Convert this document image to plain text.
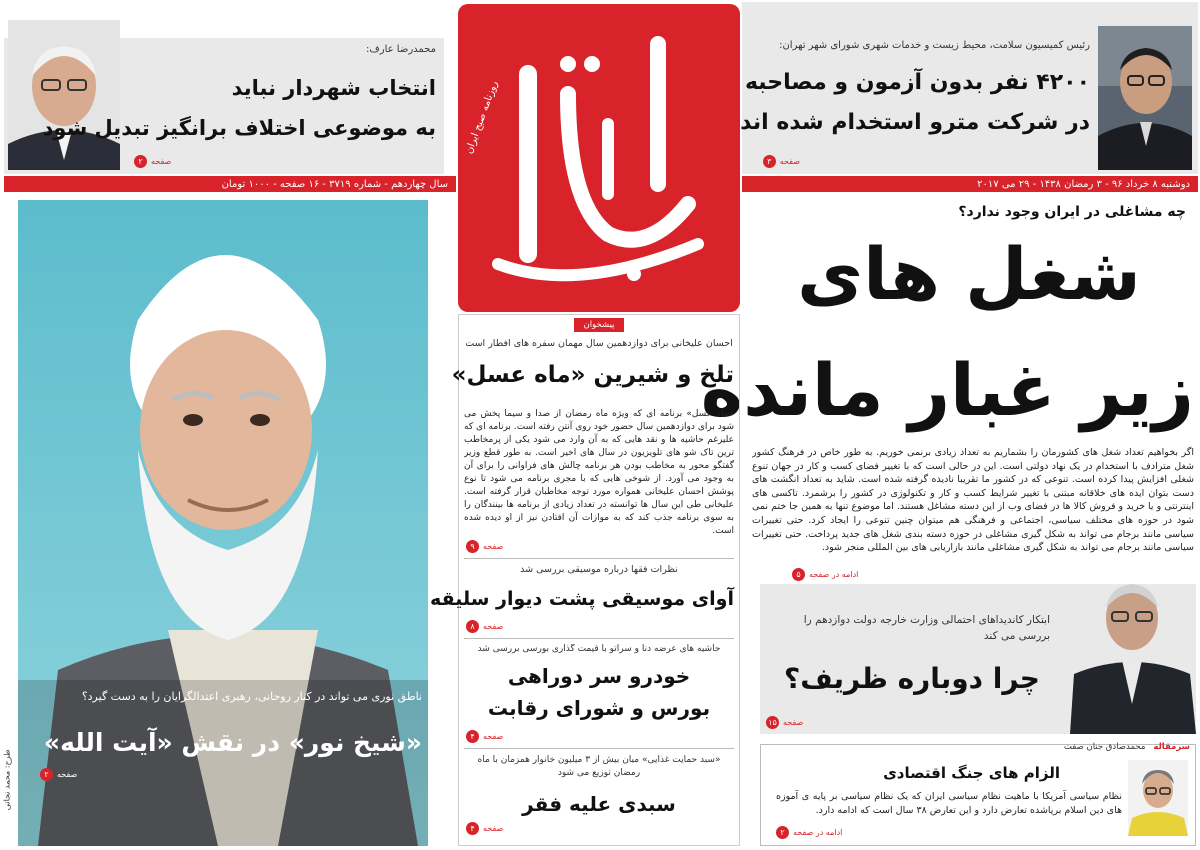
رئیس کمیسیون سلامت، محیط زیست و خدمات شهری شورای شهر تهران:
۴۲۰۰ نفر بدون آزمون و مصاحبه
در شرکت مترو استخدام شده اند
صفحه
۳
محمدرضا عارف:
انتخاب شهردار نباید
به موضوعی اختلاف برانگیز تبدیل شود
صفحه
۲
روزنامه صبح ایران
دوشنبه ۸ خرداد ۹۶ - ۳ رمضان ۱۴۳۸ - ۲۹ می ۲۰۱۷
سال چهاردهم - شماره ۳۷۱۹ - ۱۶ صفحه - ۱۰۰۰ تومان
چه مشاغلی در ایران وجود ندارد؟
شغل های
زیر غبار مانده
اگر بخواهیم تعداد شغل های کشورمان را بشماریم به تعداد زیادی برنمی خوریم. به طور خاص در فرهنگ کشور شغل مترادف با استخدام در یک نهاد دولتی است. این در حالی است که با تغییر فضای کسب و کار در جهان تنوع شغلی افزایش پیدا کرده است. تنوعی که در کشور ما تقریبا نادیده گرفته شده است. شاید به تعداد انگشت های دست بتوان ایده های خلاقانه مبتنی با تغییر شرایط کسب و کار و تکنولوژی در کشور را برشمرد. تاکسی های اینترنتی و یا خرید و فروش کالا ها در فضای وب از این دسته مشاغل هستند. اما موضوع تنها به همین جا ختم نمی شود در حوزه های مختلف سیاسی، اجتماعی و فرهنگی هم میتوان چنین تنوعی را ایجاد کرد. حتی تغییرات سیاسی مانند برجام می تواند به شکل گیری مشاغلی در حوزه دسته بندی شغل های جدید پرداخت. حتی تغییرات سیاسی مانند برجام می تواند به شکل گیری مشاغلی مانند بازاریابی های بین المللی منجر شود.
ادامه در صفحه
۵
ابتکار کاندیداهای احتمالی وزارت خارجه دولت دوازدهم را بررسی می کند
چرا دوباره ظریف؟
صفحه
۱۵
سرمقاله
محمدصادق جنان صفت
الزام های جنگ اقتصادی
نظام سیاسی آمریکا با ماهیت نظام سیاسی ایران که یک نظام سیاسی بر پایه ی آموزه های دین اسلام برپاشده تعارض دارد و این تعارض ۳۸ سال است که ادامه دارد.
ادامه در صفحه
۲
پیشخوان
احسان علیخانی برای دوازدهمین سال مهمان سفره های افطار است
تلخ و شیرین «ماه عسل»
«ماه عسل» برنامه ای که ویژه ماه رمضان از صدا و سیما پخش می شود برای دوازدهمین سال حضور خود روی آنتن رفته است. برنامه ای که علیرغم حاشیه ها و نقد هایی که به آن وارد می شود یکی از پرمخاطب ترین تاک شو های تلویزیون در سال های اخیر است. به طور قطع وزیر گفتگو محور به مخاطب بودن هر برنامه چالش های فراوانی را برای آن به وجود می آورد. از شوخی هایی که با مجری برنامه می شود تا نوع پوشش احسان علیخانی همواره مورد توجه مخاطبان قرار گرفته است. علیخانی طی این سال ها توانسته در تعداد زیادی از برنامه ها بینندگان را به سوی برنامه جذب کند که به موازات آن افتادن نیز از او دیده شده است.
صفحه
۹
نظرات فقها درباره موسیقی بررسی شد
آوای موسیقی پشت دیوار سلیقه
صفحه
۸
حاشیه های عرضه دنا و سراتو با قیمت گذاری بورسی بررسی شد
خودرو سر دوراهی
بورس و شورای رقابت
صفحه
۴
«سبد حمایت غذایی» میان بیش از ۳ میلیون خانوار همزمان با ماه رمضان توزیع می شود
سبدی علیه فقر
صفحه
۴
ناطق نوری می تواند در کنار روحانی، رهبری اعتدالگرایان را به دست گیرد؟
«شیخ نور» در نقش «آیت الله»
صفحه
۲
طرح: محمد نجاتی
